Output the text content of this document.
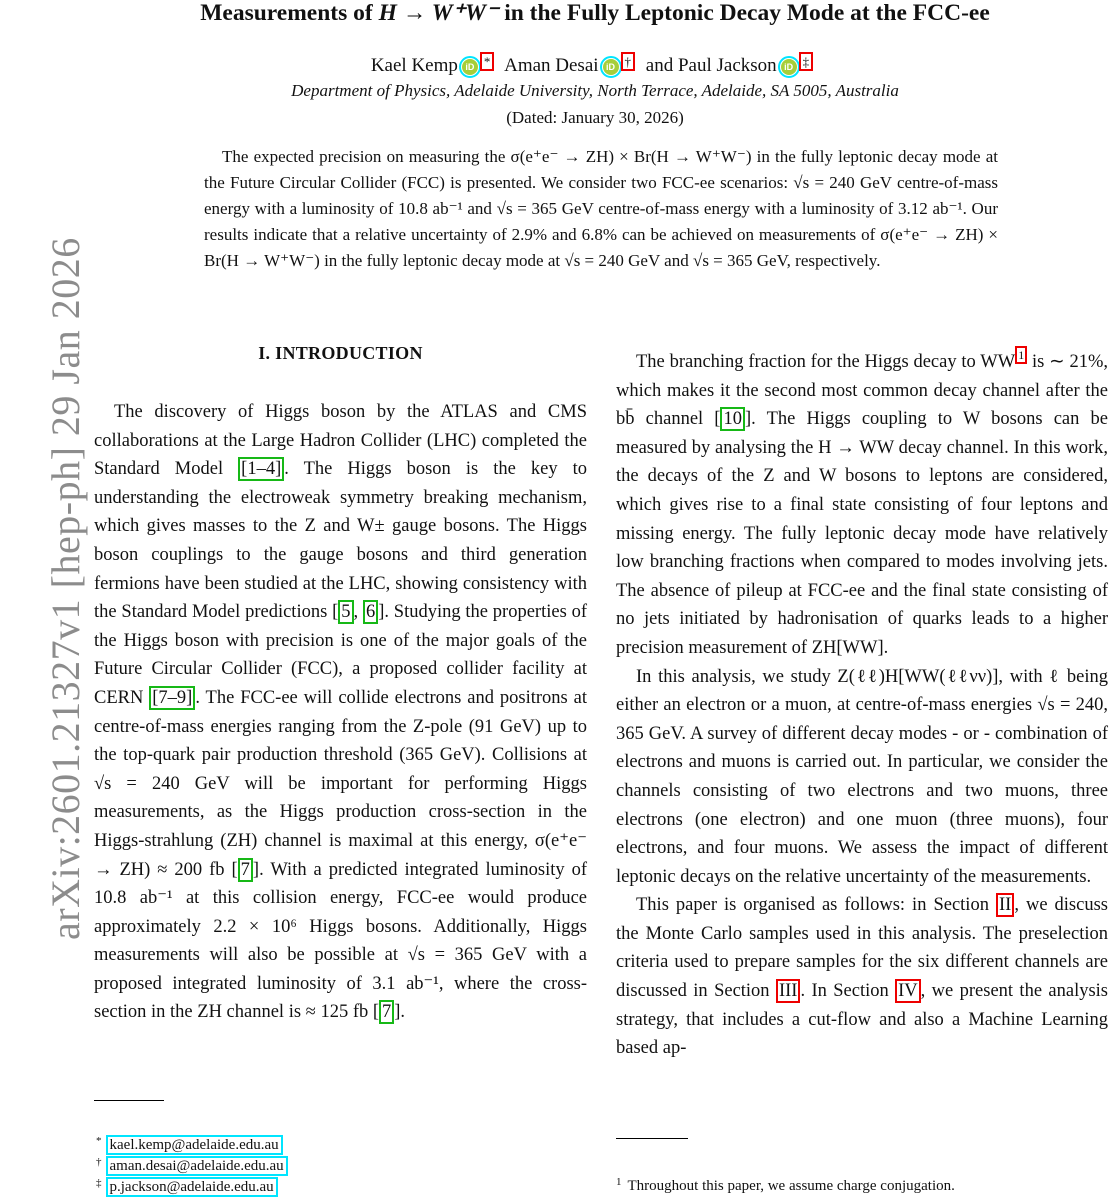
arXiv:2601.21327v1 [hep-ph] 29 Jan 2026
Measurements of H → W⁺W⁻ in the Fully Leptonic Decay Mode at the FCC-ee
Kael Kemp iD * Aman Desai iD † and Paul Jackson iD ‡
Department of Physics, Adelaide University, North Terrace, Adelaide, SA 5005, Australia
(Dated: January 30, 2026)
The expected precision on measuring the σ(e⁺e⁻ → ZH) × Br(H → W⁺W⁻) in the fully leptonic decay mode at the Future Circular Collider (FCC) is presented. We consider two FCC-ee scenarios: √s = 240 GeV centre-of-mass energy with a luminosity of 10.8 ab⁻¹ and √s = 365 GeV centre-of-mass energy with a luminosity of 3.12 ab⁻¹. Our results indicate that a relative uncertainty of 2.9% and 6.8% can be achieved on measurements of σ(e⁺e⁻ → ZH) × Br(H → W⁺W⁻) in the fully leptonic decay mode at √s = 240 GeV and √s = 365 GeV, respectively.
I. INTRODUCTION

The discovery of Higgs boson by the ATLAS and CMS collaborations at the Large Hadron Collider (LHC) completed the Standard Model [1–4] . The Higgs boson is the key to understanding the electroweak symmetry breaking mechanism, which gives masses to the Z and W± gauge bosons. The Higgs boson couplings to the gauge bosons and third generation fermions have been studied at the LHC, showing consistency with the Standard Model predictions [ 5 , 6 ]. Studying the properties of the Higgs boson with precision is one of the major goals of the Future Circular Collider (FCC), a proposed collider facility at CERN [7–9] . The FCC-ee will collide electrons and positrons at centre-of-mass energies ranging from the Z-pole (91 GeV) up to the top-quark pair production threshold (365 GeV). Collisions at √s = 240 GeV will be important for performing Higgs measurements, as the Higgs production cross-section in the Higgs-strahlung (ZH) channel is maximal at this energy, σ(e⁺e⁻ → ZH) ≈ 200 fb [ 7 ]. With a predicted integrated luminosity of 10.8 ab⁻¹ at this collision energy, FCC-ee would produce approximately 2.2 × 10⁶ Higgs bosons. Additionally, Higgs measurements will also be possible at √s = 365 GeV with a proposed integrated luminosity of 3.1 ab⁻¹, where the cross-section in the ZH channel is ≈ 125 fb [ 7 ].

The branching fraction for the Higgs decay to WW $^1$ is ∼ 21%, which makes it the second most common decay channel after the bb̄ channel [ 10 ]. The Higgs coupling to W bosons can be measured by analysing the H → WW decay channel. In this work, the decays of the Z and W bosons to leptons are considered, which gives rise to a final state consisting of four leptons and missing energy. The fully leptonic decay mode have relatively low branching fractions when compared to modes involving jets. The absence of pileup at FCC-ee and the final state consisting of no jets initiated by hadronisation of quarks leads to a higher precision measurement of ZH[WW].

In this analysis, we study Z(ℓℓ)H[WW(ℓℓνν)], with ℓ being either an electron or a muon, at centre-of-mass energies √s = 240, 365 GeV. A survey of different decay modes - or - combination of electrons and muons is carried out. In particular, we consider the channels consisting of two electrons and two muons, three electrons (one electron) and one muon (three muons), four electrons, and four muons. We assess the impact of different leptonic decays on the relative uncertainty of the measurements.

This paper is organised as follows: in Section II , we discuss the Monte Carlo samples used in this analysis. The preselection criteria used to prepare samples for the six different channels are discussed in Section III . In Section IV , we present the analysis strategy, that includes a cut-flow and also a Machine Learning based ap-

* kael.kemp@adelaide.edu.au
† aman.desai@adelaide.edu.au
‡ p.jackson@adelaide.edu.au	$^1$ Throughout this paper, we assume charge conjugation.
